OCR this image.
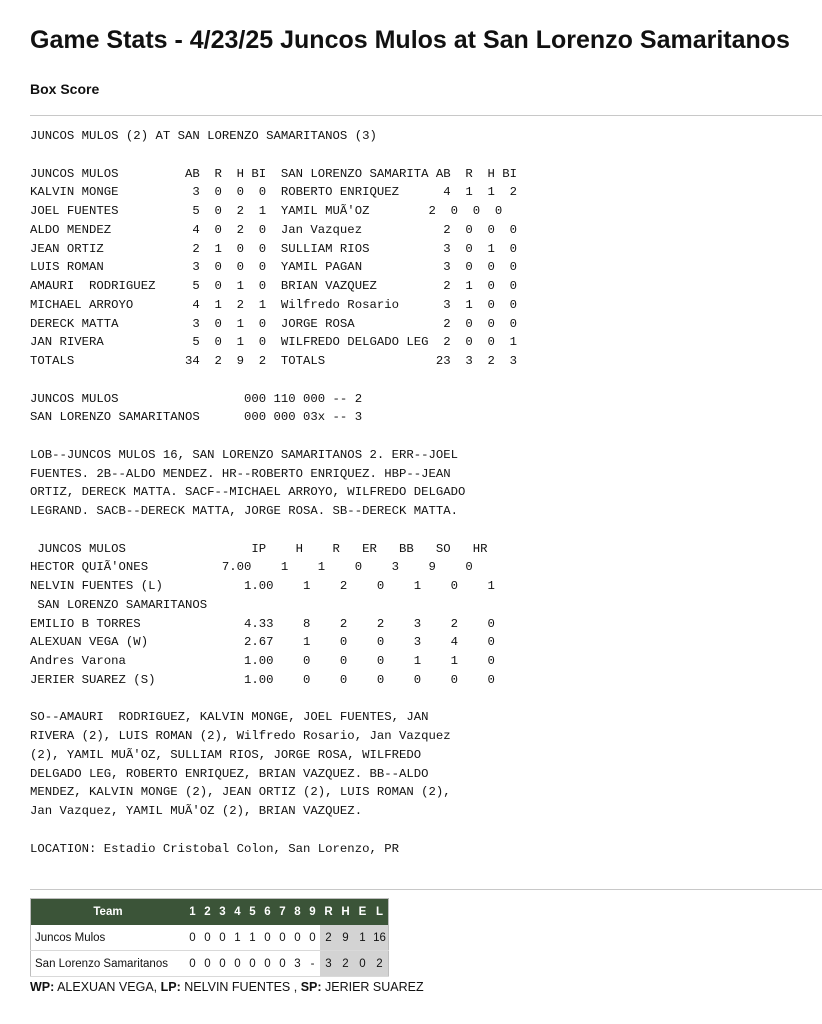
Game Stats - 4/23/25 Juncos Mulos at San Lorenzo Samaritanos
Box Score
JUNCOS MULOS (2) AT SAN LORENZO SAMARITANOS (3)

JUNCOS MULOS         AB  R  H BI  SAN LORENZO SAMARITA AB  R  H BI
KALVIN MONGE          3  0  0  0  ROBERTO ENRIQUEZ      4  1  1  2
JOEL FUENTES          5  0  2  1  YAMIL MUÃ'OZ        2  0  0  0
ALDO MENDEZ           4  0  2  0  Jan Vazquez           2  0  0  0
JEAN ORTIZ            2  1  0  0  SULLIAM RIOS          3  0  1  0
LUIS ROMAN            3  0  0  0  YAMIL PAGAN           3  0  0  0
AMAURI  RODRIGUEZ     5  0  1  0  BRIAN VAZQUEZ         2  1  0  0
MICHAEL ARROYO        4  1  2  1  Wilfredo Rosario      3  1  0  0
DERECK MATTA          3  0  1  0  JORGE ROSA            2  0  0  0
JAN RIVERA            5  0  1  0  WILFREDO DELGADO LEG  2  0  0  1
TOTALS               34  2  9  2  TOTALS               23  3  2  3

JUNCOS MULOS                 000 110 000 -- 2
SAN LORENZO SAMARITANOS      000 000 03x -- 3

LOB--JUNCOS MULOS 16, SAN LORENZO SAMARITANOS 2. ERR--JOEL
FUENTES. 2B--ALDO MENDEZ. HR--ROBERTO ENRIQUEZ. HBP--JEAN
ORTIZ, DERECK MATTA. SACF--MICHAEL ARROYO, WILFREDO DELGADO
LEGRAND. SACB--DERECK MATTA, JORGE ROSA. SB--DERECK MATTA.

JUNCOS MULOS                 IP    H    R   ER   BB   SO   HR
HECTOR QUIÃ'ONES          7.00    1    1    0    3    9    0
NELVIN FUENTES (L)           1.00    1    2    0    1    0    1
SAN LORENZO SAMARITANOS
EMILIO B TORRES              4.33    8    2    2    3    2    0
ALEXUAN VEGA (W)             2.67    1    0    0    3    4    0
Andres Varona                1.00    0    0    0    1    1    0
JERIER SUAREZ (S)            1.00    0    0    0    0    0    0

SO--AMAURI  RODRIGUEZ, KALVIN MONGE, JOEL FUENTES, JAN
RIVERA (2), LUIS ROMAN (2), Wilfredo Rosario, Jan Vazquez
(2), YAMIL MUÃ'OZ, SULLIAM RIOS, JORGE ROSA, WILFREDO
DELGADO LEG, ROBERTO ENRIQUEZ, BRIAN VAZQUEZ. BB--ALDO
MENDEZ, KALVIN MONGE (2), JEAN ORTIZ (2), LUIS ROMAN (2),
Jan Vazquez, YAMIL MUÃ'OZ (2), BRIAN VAZQUEZ.

LOCATION: Estadio Cristobal Colon, San Lorenzo, PR

Team	1	2	3	4	5	6	7	8	9	R	H	E	L
Juncos Mulos	0	0	0	1	1	0	0	0	0	2	9	1	16
San Lorenzo Samaritanos	0	0	0	0	0	0	0	3	-	3	2	0	2
WP: ALEXUAN VEGA, LP: NELVIN FUENTES , SP: JERIER SUAREZ
